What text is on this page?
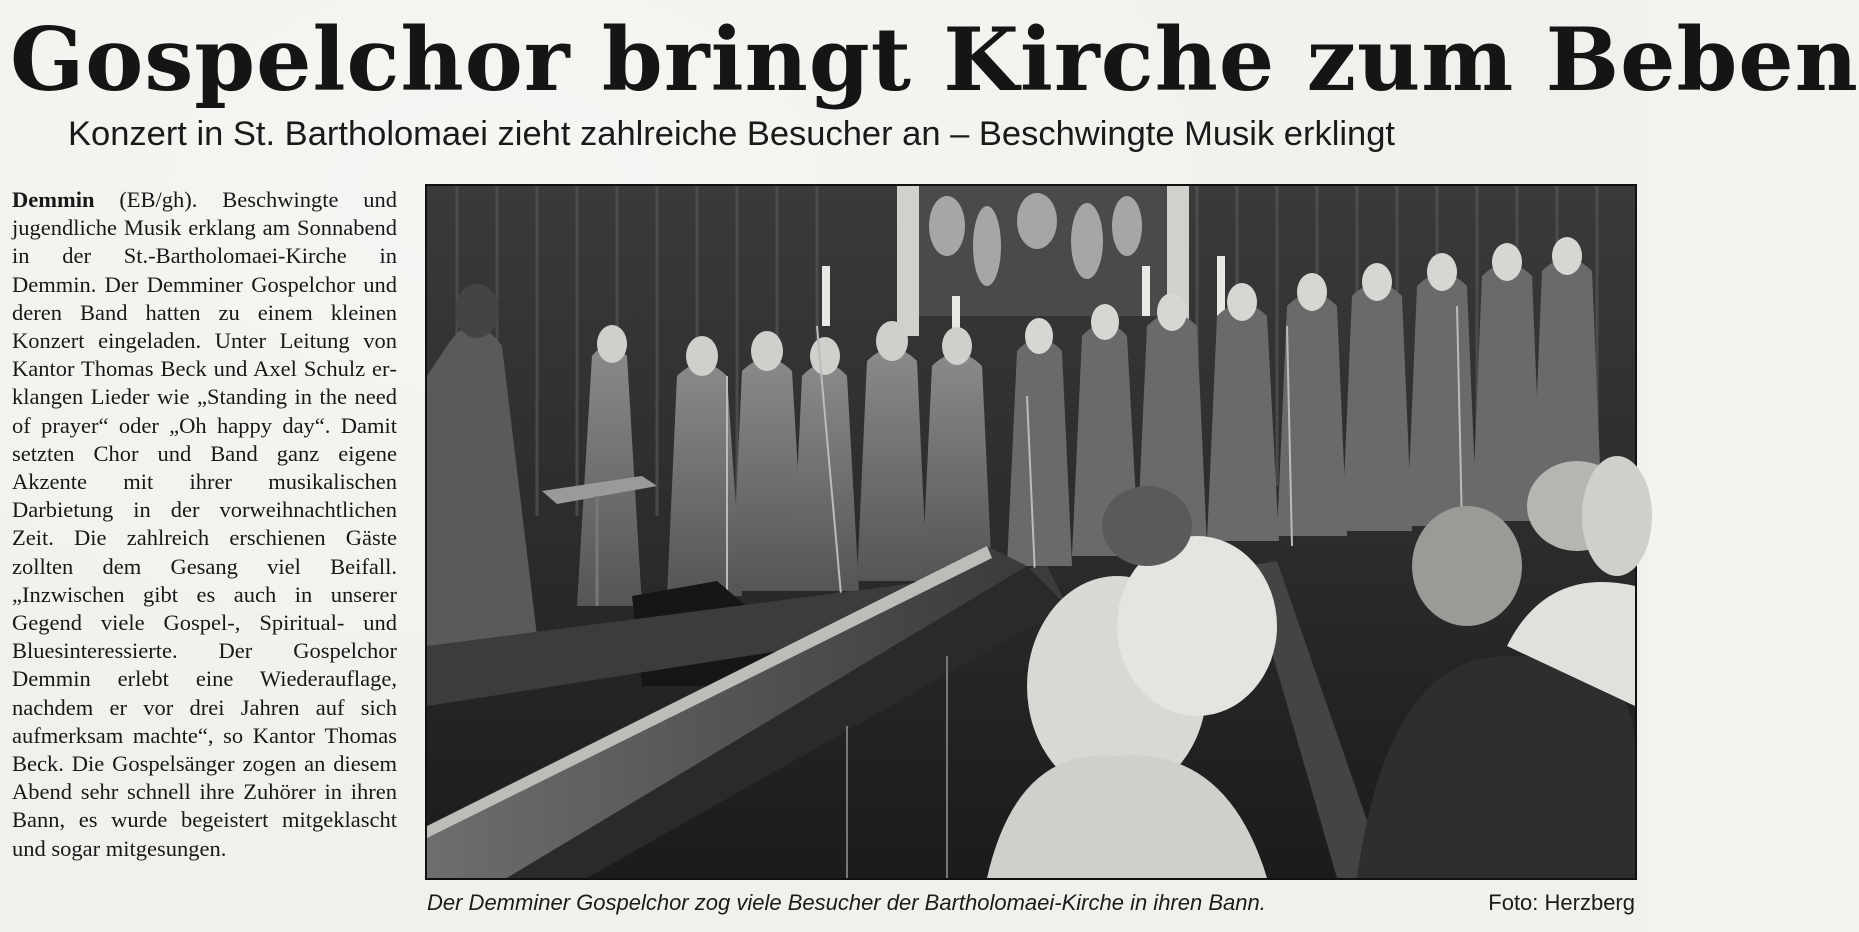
Gospelchor bringt Kirche zum Beben
Konzert in St. Bartholomaei zieht zahlreiche Besucher an – Beschwingte Musik erklingt

Demmin (EB/gh). Beschwingte und jugendliche Musik erklang am Sonnabend in der St.-Bartholomaei-Kirche in Demmin. Der Demminer Gospelchor und deren Band hatten zu einem kleinen Konzert eingeladen. Unter Leitung von Kantor Thomas Beck und Axel Schulz erklangen Lieder wie „Standing in the need of prayer“ oder „Oh happy day“. Damit setzten Chor und Band ganz eigene Akzente mit ihrer musikalischen Darbietung in der vorweihnachtlichen Zeit. Die zahlreich erschienen Gäste zollten dem Gesang viel Beifall. „Inzwischen gibt es auch in unserer Gegend viele Gospel-, Spiritual- und Bluesinteressierte. Der Gospelchor Demmin erlebt eine Wiederauflage, nachdem er vor drei Jahren auf sich aufmerksam machte“, so Kantor Thomas Beck. Die Gospelsänger zogen an diesem Abend sehr schnell ihre Zuhörer in ihren Bann, es wurde begeistert mitgeklascht und sogar mitgesungen.

Der Demminer Gospelchor zog viele Besucher der Bartholomaei-Kirche in ihren Bann.	Foto: Herzberg
